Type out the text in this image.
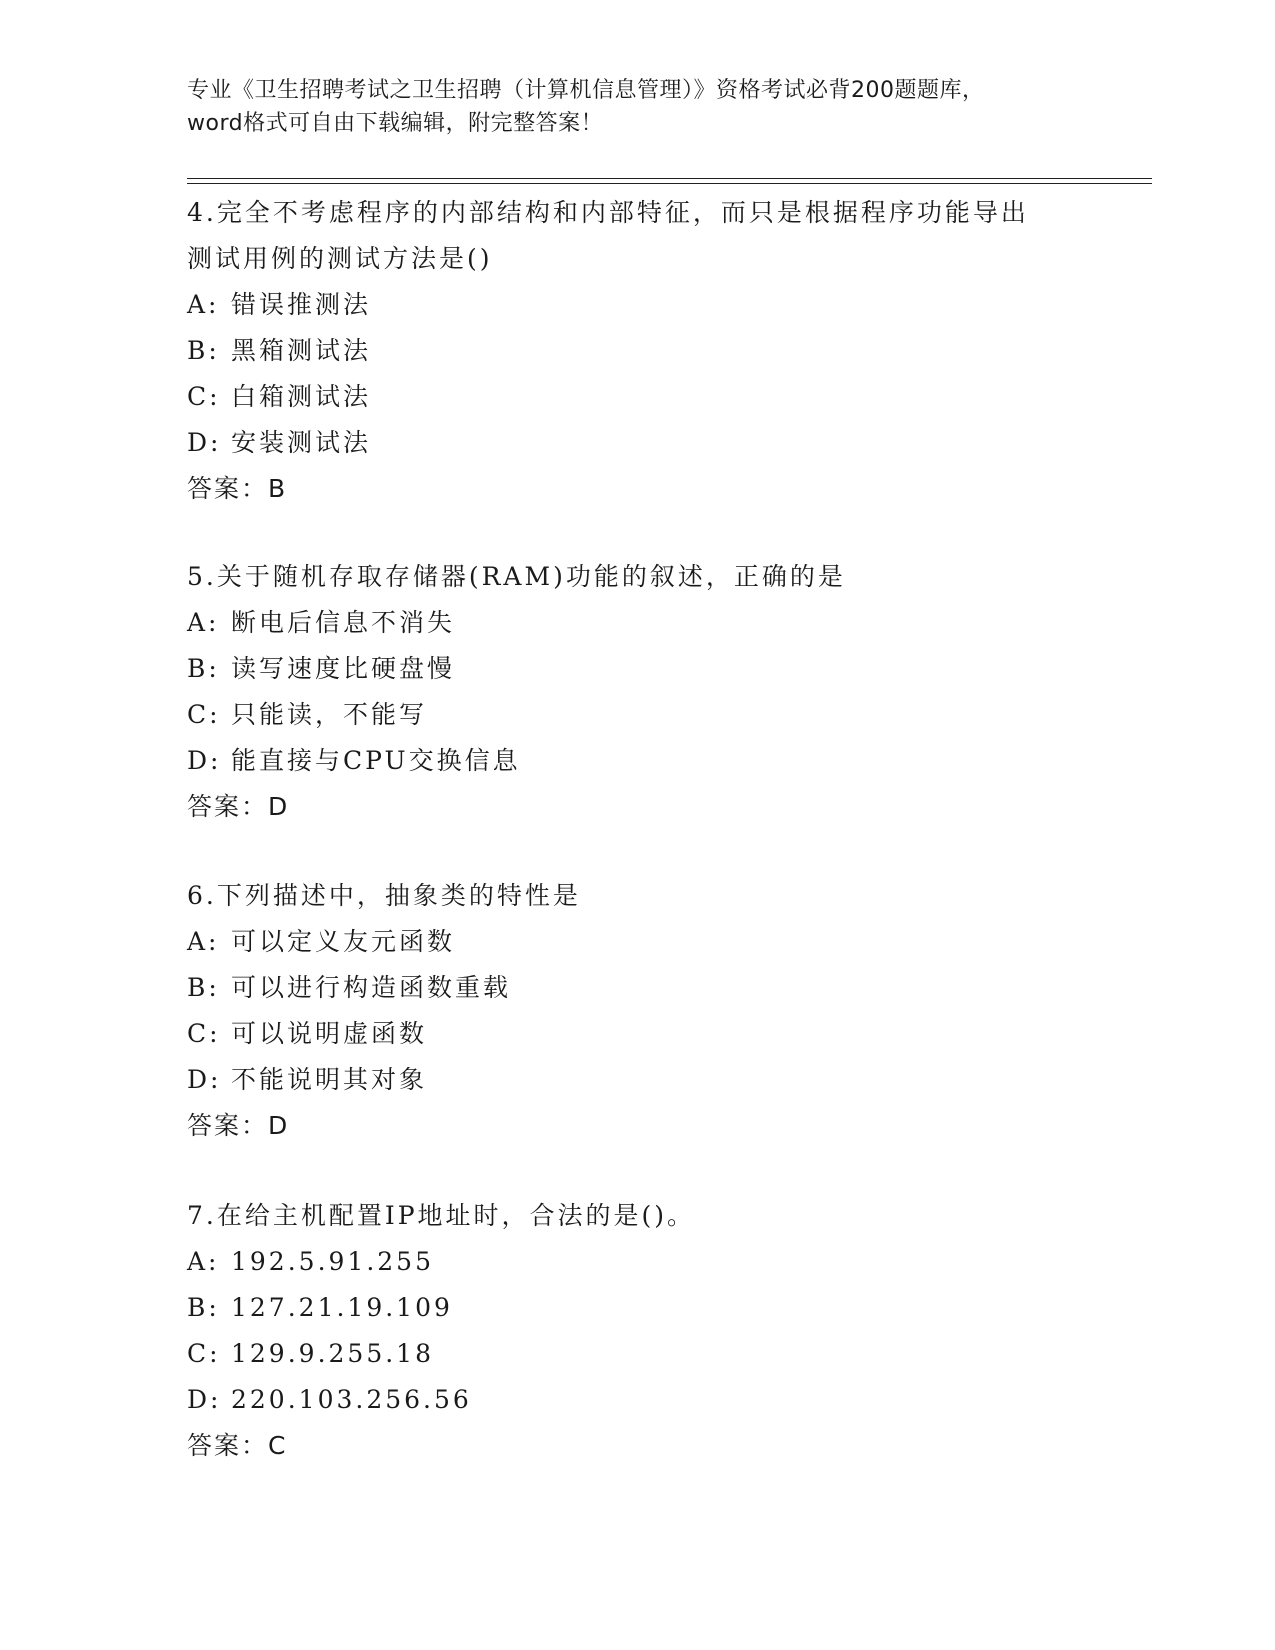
专业《卫生招聘考试之卫生招聘（计算机信息管理）》资格考试必背200题题库，
word格式可自由下载编辑，附完整答案！
4.完全不考虑程序的内部结构和内部特征，而只是根据程序功能导出
测试用例的测试方法是()
A: 错误推测法
B: 黑箱测试法
C: 白箱测试法
D: 安装测试法
答案：B
5.关于随机存取存储器(RAM)功能的叙述，正确的是
A: 断电后信息不消失
B: 读写速度比硬盘慢
C: 只能读，不能写
D: 能直接与CPU交换信息
答案：D
6.下列描述中，抽象类的特性是
A: 可以定义友元函数
B: 可以进行构造函数重载
C: 可以说明虚函数
D: 不能说明其对象
答案：D
7.在给主机配置IP地址时，合法的是()。
A: 192.5.91.255
B: 127.21.19.109
C: 129.9.255.18
D: 220.103.256.56
答案：C
